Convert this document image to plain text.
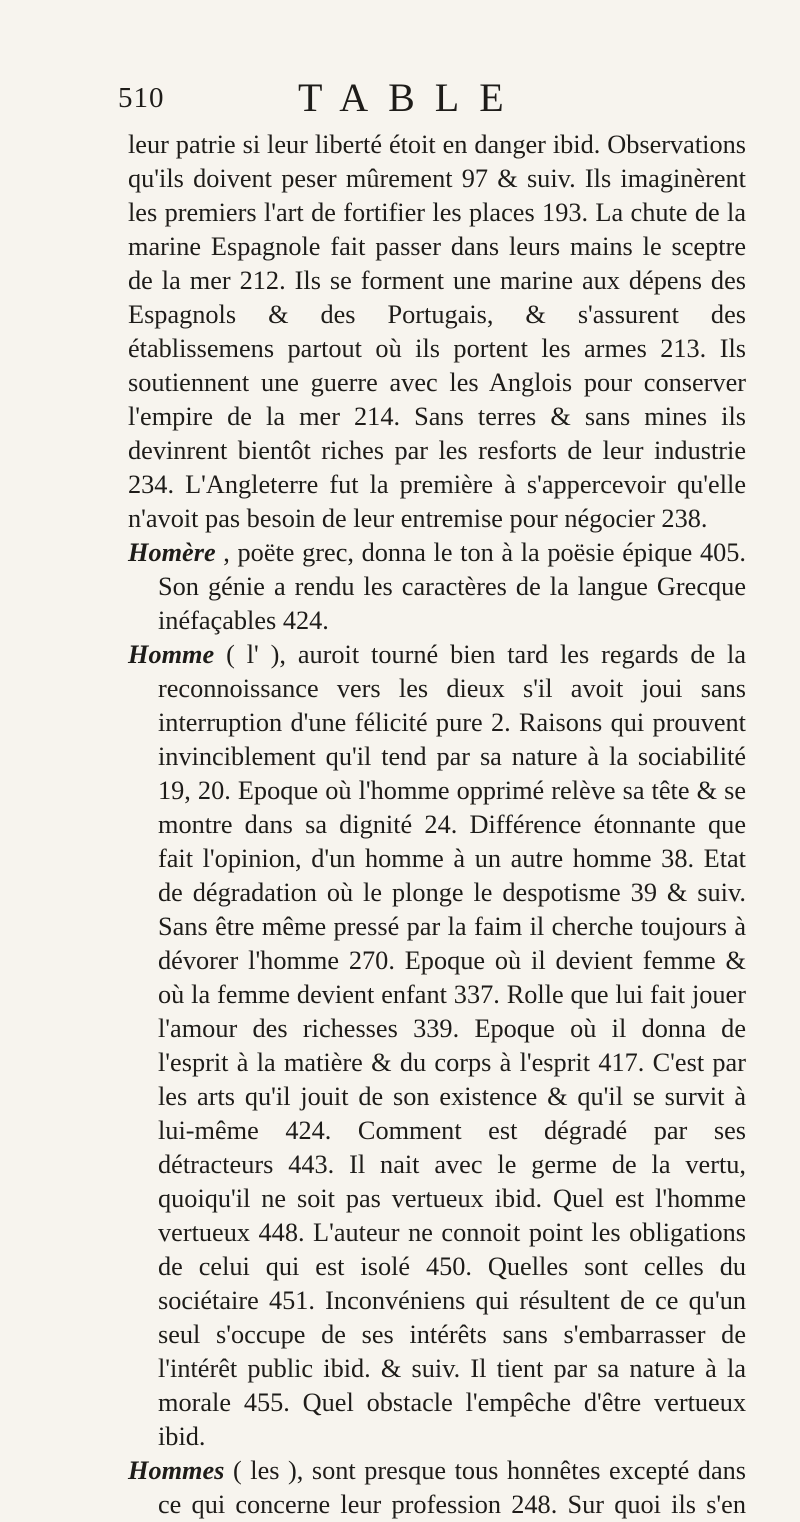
510	TABLE

leur patrie si leur liberté étoit en danger ibid. Observations qu'ils doivent peser mûrement 97 & suiv. Ils imaginèrent les premiers l'art de fortifier les places 193. La chute de la marine Espagnole fait passer dans leurs mains le sceptre de la mer 212. Ils se forment une marine aux dépens des Espagnols & des Portugais, & s'assurent des établissemens partout où ils portent les armes 213. Ils soutiennent une guerre avec les Anglois pour conserver l'empire de la mer 214. Sans terres & sans mines ils devinrent bientôt riches par les resforts de leur industrie 234. L'Angleterre fut la première à s'appercevoir qu'elle n'avoit pas besoin de leur entremise pour négocier 238.

Homère , poëte grec, donna le ton à la poësie épique 405. Son génie a rendu les caractères de la langue Grecque inéfaçables 424.

Homme ( l' ), auroit tourné bien tard les regards de la reconnoissance vers les dieux s'il avoit joui sans interruption d'une félicité pure 2. Raisons qui prouvent invinciblement qu'il tend par sa nature à la sociabilité 19, 20. Epoque où l'homme opprimé relève sa tête & se montre dans sa dignité 24. Différence étonnante que fait l'opinion, d'un homme à un autre homme 38. Etat de dégradation où le plonge le despotisme 39 & suiv. Sans être même pressé par la faim il cherche toujours à dévorer l'homme 270. Epoque où il devient femme & où la femme devient enfant 337. Rolle que lui fait jouer l'amour des richesses 339. Epoque où il donna de l'esprit à la matière & du corps à l'esprit 417. C'est par les arts qu'il jouit de son existence & qu'il se survit à lui-même 424. Comment est dégradé par ses détracteurs 443. Il nait avec le germe de la vertu, quoiqu'il ne soit pas vertueux ibid. Quel est l'homme vertueux 448. L'auteur ne connoit point les obligations de celui qui est isolé 450. Quelles sont celles du sociétaire 451. Inconvéniens qui résultent de ce qu'un seul s'occupe de ses intérêts sans s'embarrasser de l'intérêt public ibid. & suiv. Il tient par sa nature à la morale 455. Quel obstacle l'empêche d'être vertueux ibid.

Hommes ( les ), sont presque tous honnêtes excepté dans ce qui concerne leur profession 248. Sur quoi ils s'en
